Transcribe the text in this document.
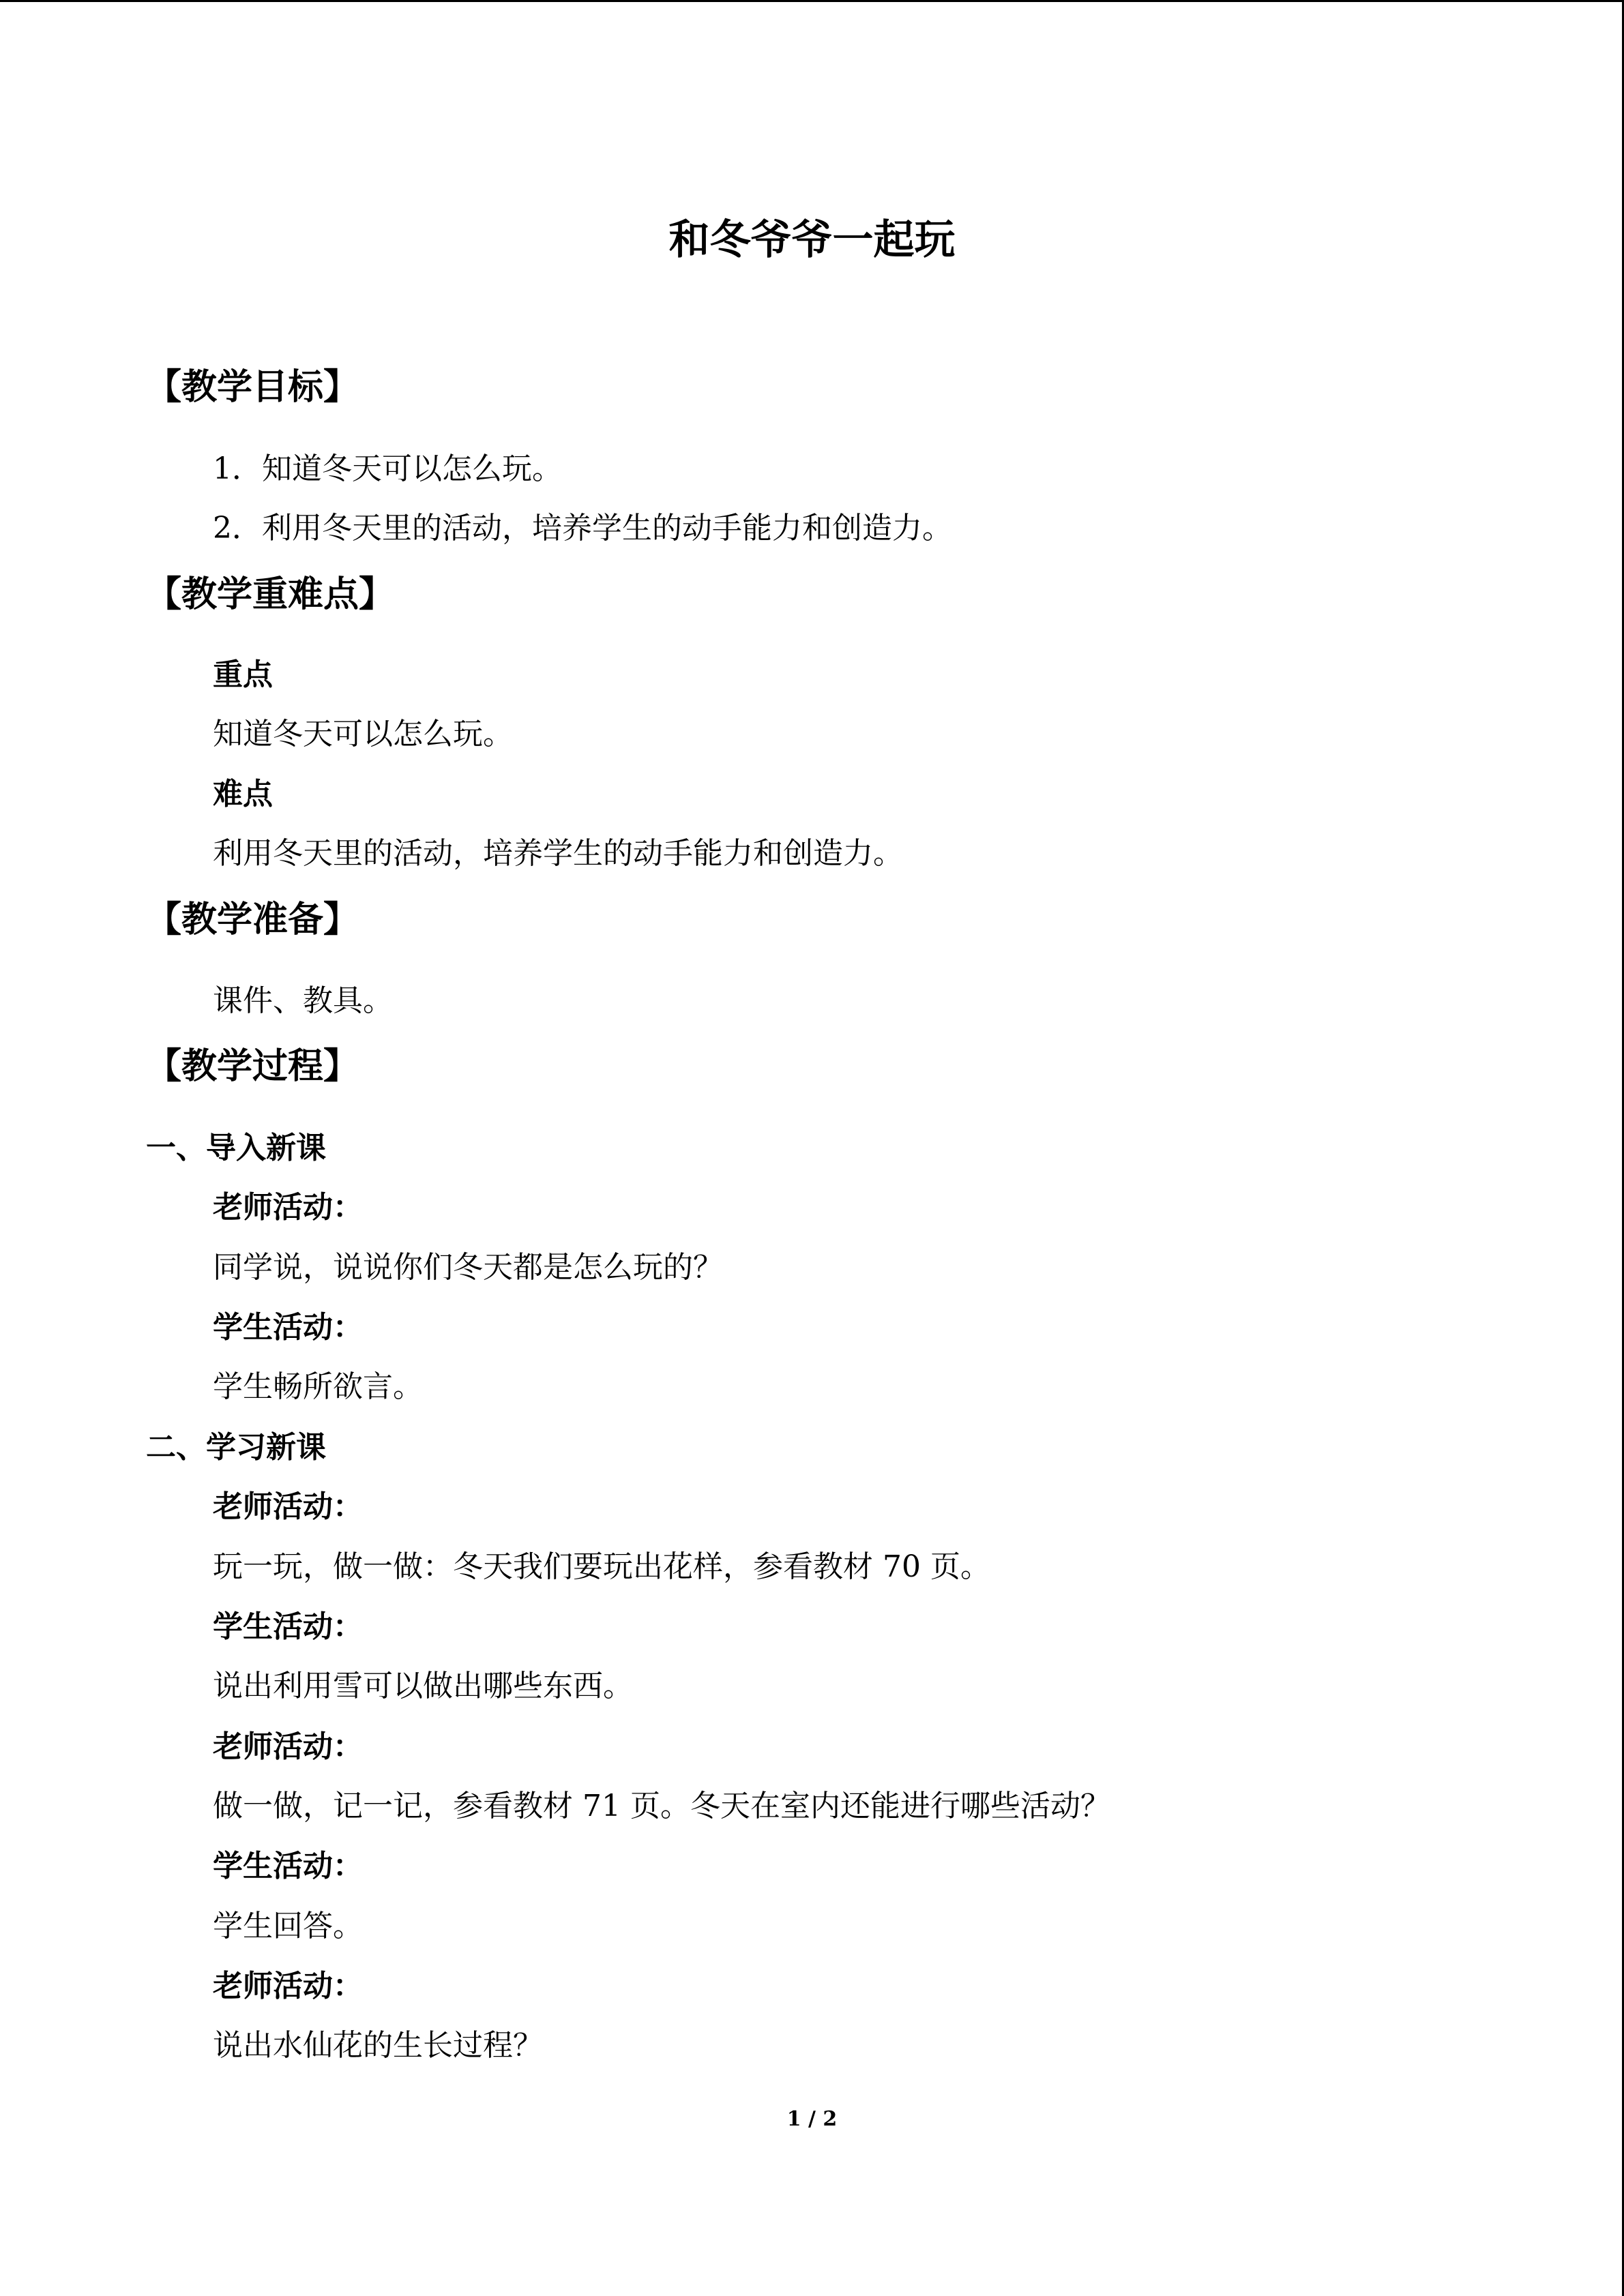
和冬爷爷一起玩
【教学目标】
1．知道冬天可以怎么玩。
2．利用冬天里的活动，培养学生的动手能力和创造力。
【教学重难点】
重点
知道冬天可以怎么玩。
难点
利用冬天里的活动，培养学生的动手能力和创造力。
【教学准备】
课件、教具。
【教学过程】
一、导入新课
老师活动：
同学说，说说你们冬天都是怎么玩的？
学生活动：
学生畅所欲言。
二、学习新课
老师活动：
玩一玩，做一做：冬天我们要玩出花样，参看教材 70 页。
学生活动：
说出利用雪可以做出哪些东西。
老师活动：
做一做，记一记，参看教材 71 页。冬天在室内还能进行哪些活动？
学生活动：
学生回答。
老师活动：
说出水仙花的生长过程？
1 / 2
